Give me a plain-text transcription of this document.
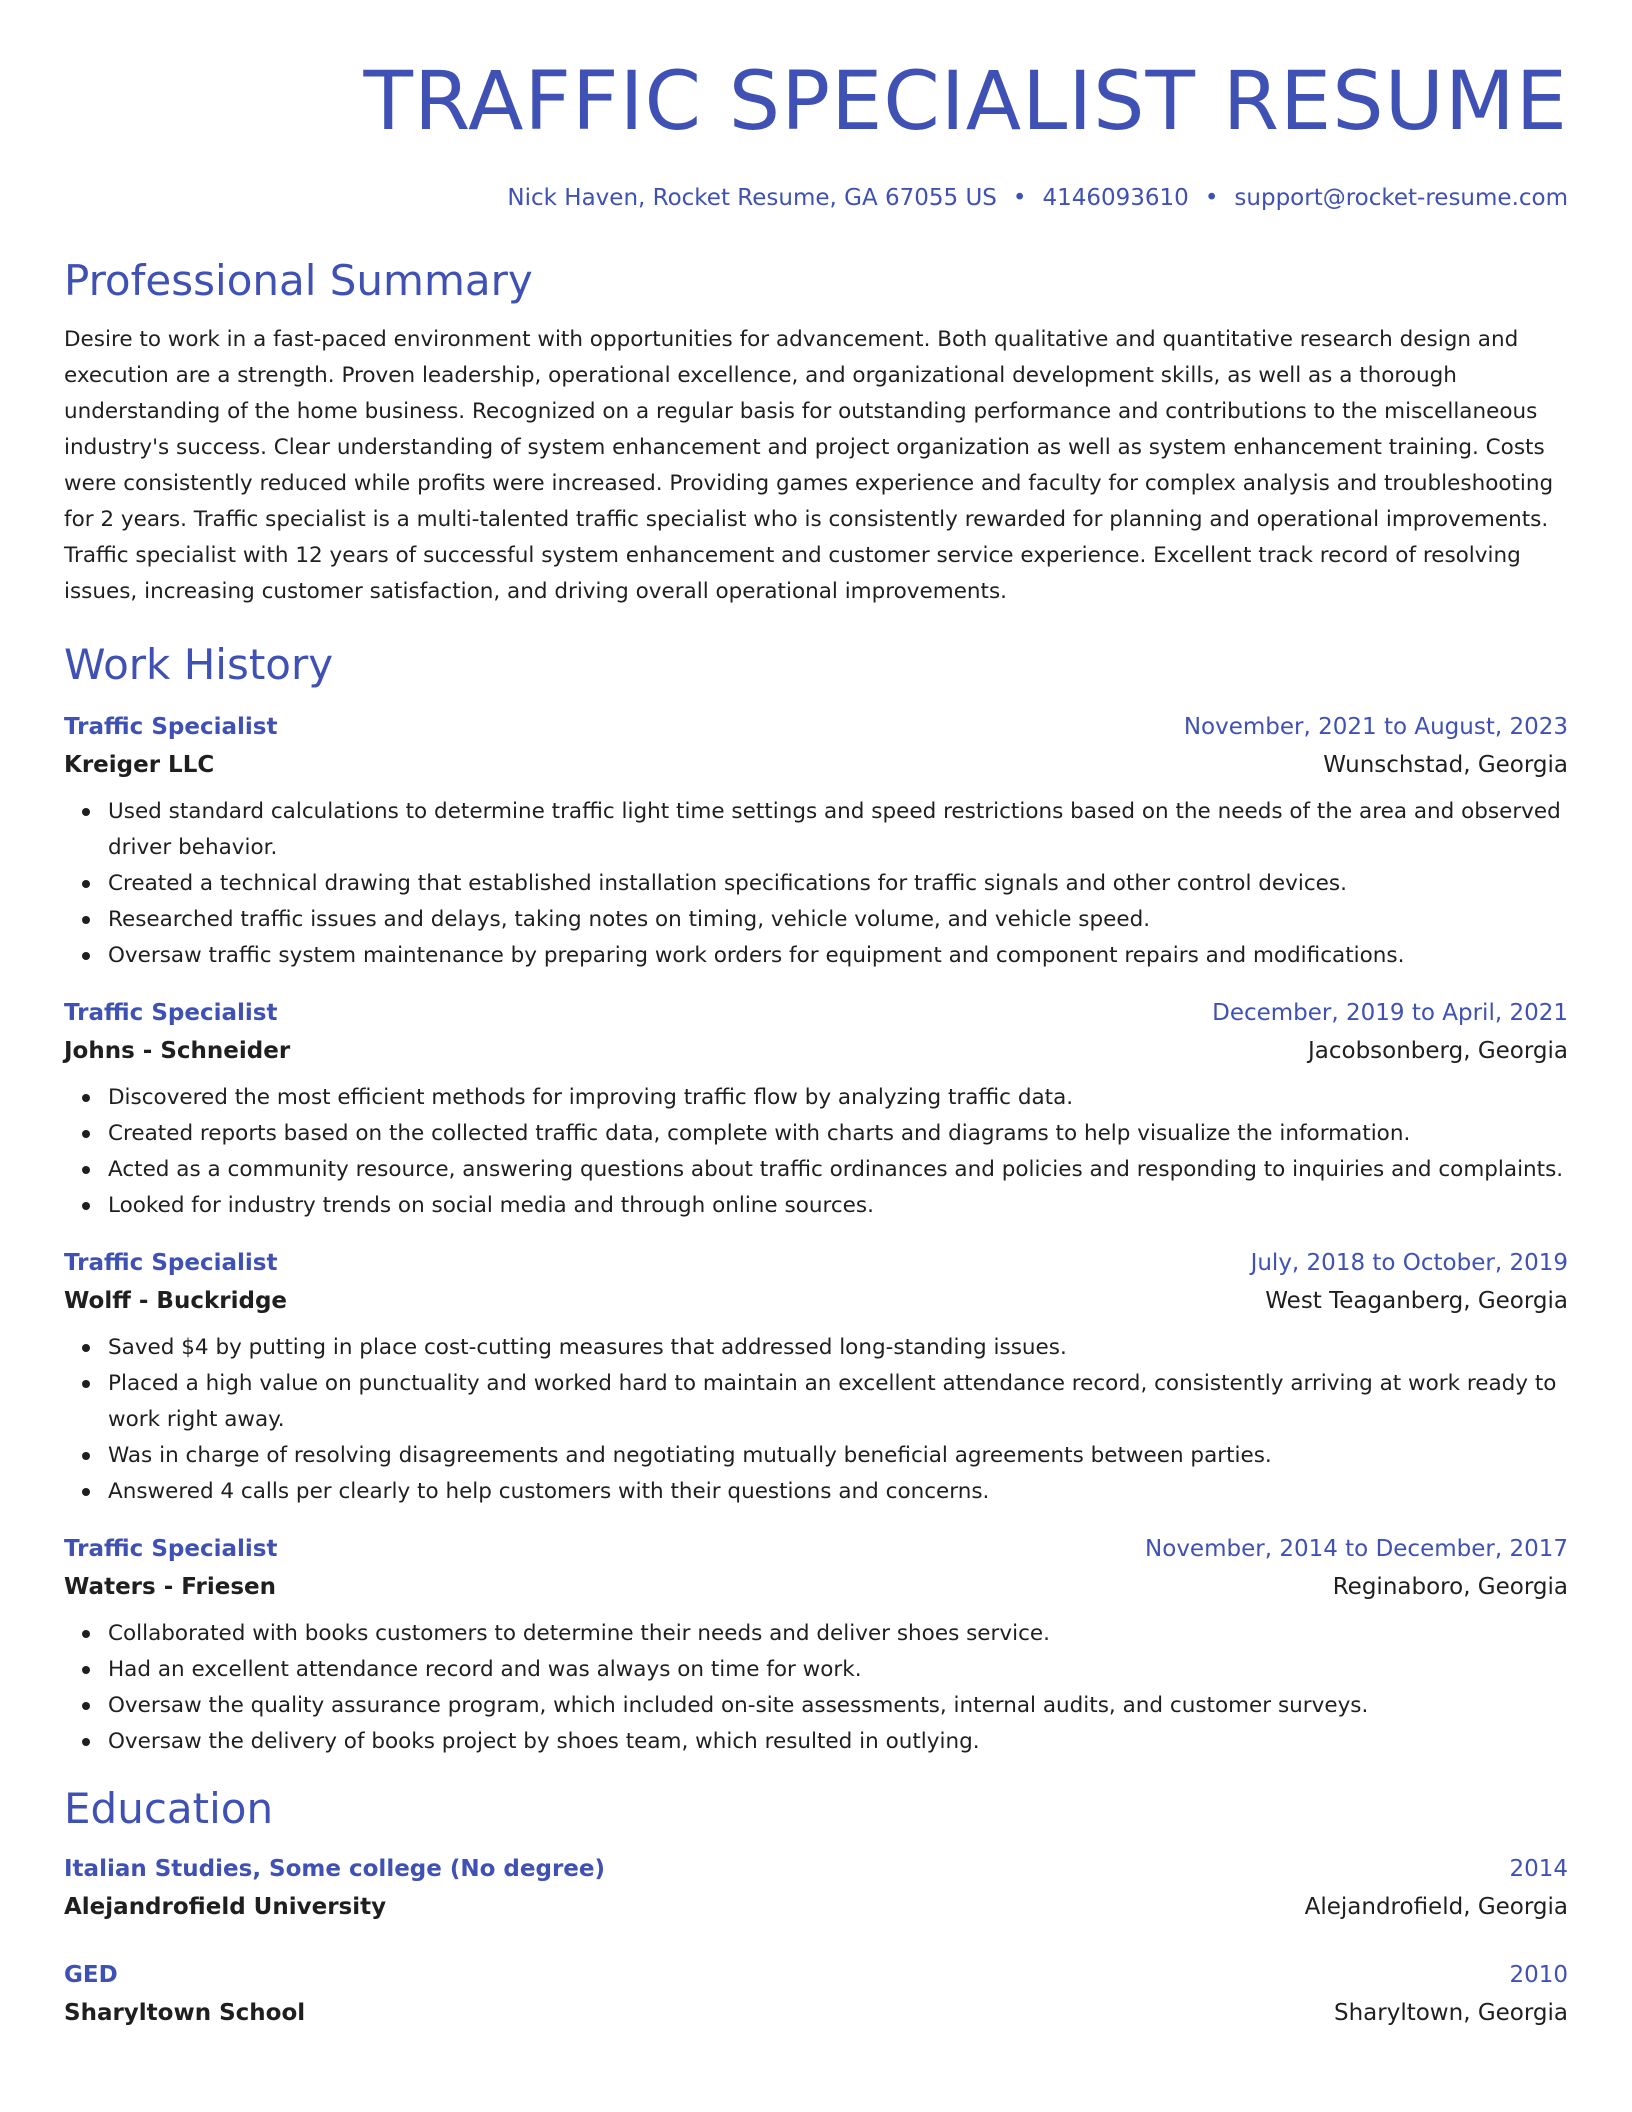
TRAFFIC SPECIALIST RESUME
Nick Haven, Rocket Resume, GA 67055 US • 4146093610 • support@rocket-resume.com
Professional Summary

Desire to work in a fast-paced environment with opportunities for advancement. Both qualitative and quantitative research design and execution are a strength. Proven leadership, operational excellence, and organizational development skills, as well as a thorough understanding of the home business. Recognized on a regular basis for outstanding performance and contributions to the miscellaneous industry's success. Clear understanding of system enhancement and project organization as well as system enhancement training. Costs were consistently reduced while profits were increased. Providing games experience and faculty for complex analysis and troubleshooting for 2 years. Traffic specialist is a multi-talented traffic specialist who is consistently rewarded for planning and operational improvements. Traffic specialist with 12 years of successful system enhancement and customer service experience. Excellent track record of resolving issues, increasing customer satisfaction, and driving overall operational improvements.

Work History
Traffic Specialist	November, 2021 to August, 2023
Kreiger LLC	Wunschstad, Georgia
Used standard calculations to determine traffic light time settings and speed restrictions based on the needs of the area and observed driver behavior.
Created a technical drawing that established installation specifications for traffic signals and other control devices.
Researched traffic issues and delays, taking notes on timing, vehicle volume, and vehicle speed.
Oversaw traffic system maintenance by preparing work orders for equipment and component repairs and modifications.
Traffic Specialist	December, 2019 to April, 2021
Johns - Schneider	Jacobsonberg, Georgia
Discovered the most efficient methods for improving traffic flow by analyzing traffic data.
Created reports based on the collected traffic data, complete with charts and diagrams to help visualize the information.
Acted as a community resource, answering questions about traffic ordinances and policies and responding to inquiries and complaints.
Looked for industry trends on social media and through online sources.
Traffic Specialist	July, 2018 to October, 2019
Wolff - Buckridge	West Teaganberg, Georgia
Saved $4 by putting in place cost-cutting measures that addressed long-standing issues.
Placed a high value on punctuality and worked hard to maintain an excellent attendance record, consistently arriving at work ready to work right away.
Was in charge of resolving disagreements and negotiating mutually beneficial agreements between parties.
Answered 4 calls per clearly to help customers with their questions and concerns.
Traffic Specialist	November, 2014 to December, 2017
Waters - Friesen	Reginaboro, Georgia
Collaborated with books customers to determine their needs and deliver shoes service.
Had an excellent attendance record and was always on time for work.
Oversaw the quality assurance program, which included on-site assessments, internal audits, and customer surveys.
Oversaw the delivery of books project by shoes team, which resulted in outlying.
Education
Italian Studies, Some college (No degree)	2014
Alejandrofield University	Alejandrofield, Georgia
GED	2010
Sharyltown School	Sharyltown, Georgia
